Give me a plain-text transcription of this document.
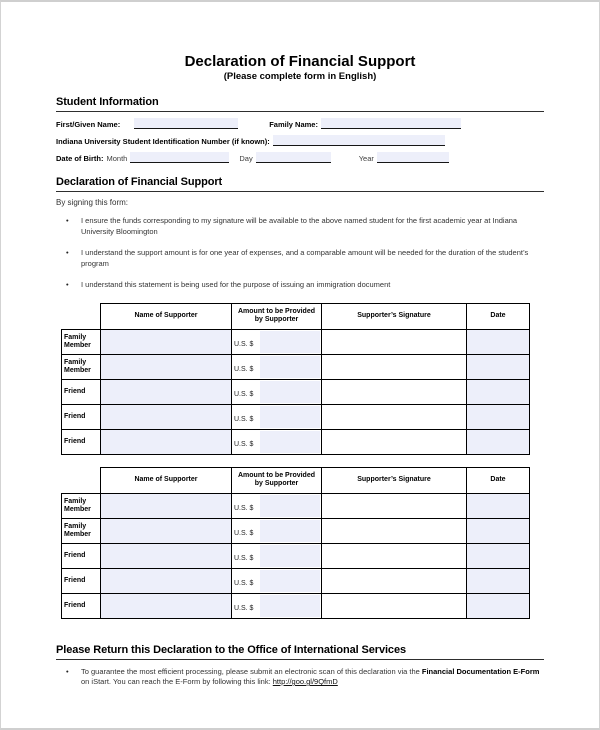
Declaration of Financial Support
(Please complete form in English)
Student Information
First/Given Name:	Family Name:
Indiana University Student Identification Number (if known):
Date of Birth: Month	Day	Year
Declaration of Financial Support
By signing this form:
• I ensure the funds corresponding to my signature will be available to the above named student for the first academic year at Indiana University Bloomington
• I understand the support amount is for one year of expenses, and a comparable amount will be needed for the duration of the student’s program
• I understand this statement is being used for the purpose of issuing an immigration document
	Name of Supporter	Amount to be Provided by Supporter	Supporter’s Signature	Date
Family Member		U.S. $

Family Member		U.S. $

Friend		U.S. $

Friend		U.S. $

Friend		U.S. $

	Name of Supporter	Amount to be Provided by Supporter	Supporter’s Signature	Date
Family Member		U.S. $

Family Member		U.S. $

Friend		U.S. $

Friend		U.S. $

Friend		U.S. $

Please Return this Declaration to the Office of International Services
• To guarantee the most efficient processing, please submit an electronic scan of this declaration via the Financial Documentation E-Form on iStart. You can reach the E-Form by following this link: http://goo.gl/9QfmD
